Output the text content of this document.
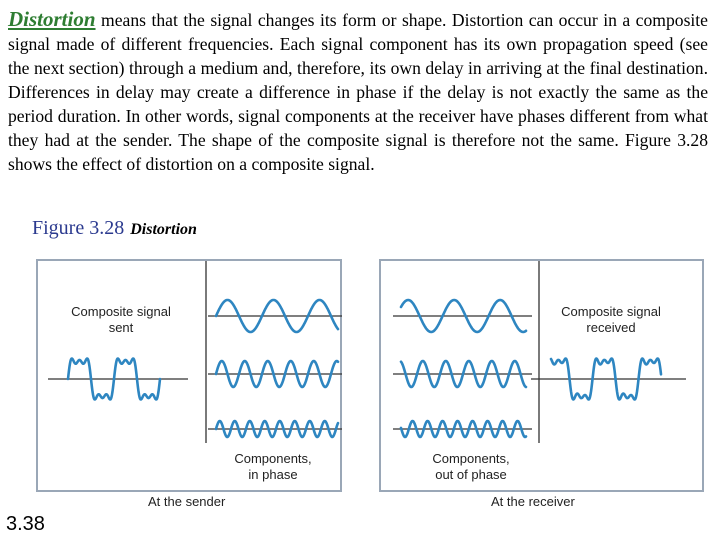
Distortion means that the signal changes its form or shape. Distortion can occur in a composite signal made of different frequencies. Each signal component has its own propagation speed (see the next section) through a medium and, therefore, its own delay in arriving at the final destination. Differences in delay may create a difference in phase if the delay is not exactly the same as the period duration. In other words, signal components at the receiver have phases different from what they had at the sender. The shape of the composite signal is therefore not the same. Figure 3.28 shows the effect of distortion on a composite signal.

Figure 3.28 Distortion
Composite signal
sent
Components,
in phase
At the sender
Composite signal
received
Components,
out of phase
At the receiver
3.38
